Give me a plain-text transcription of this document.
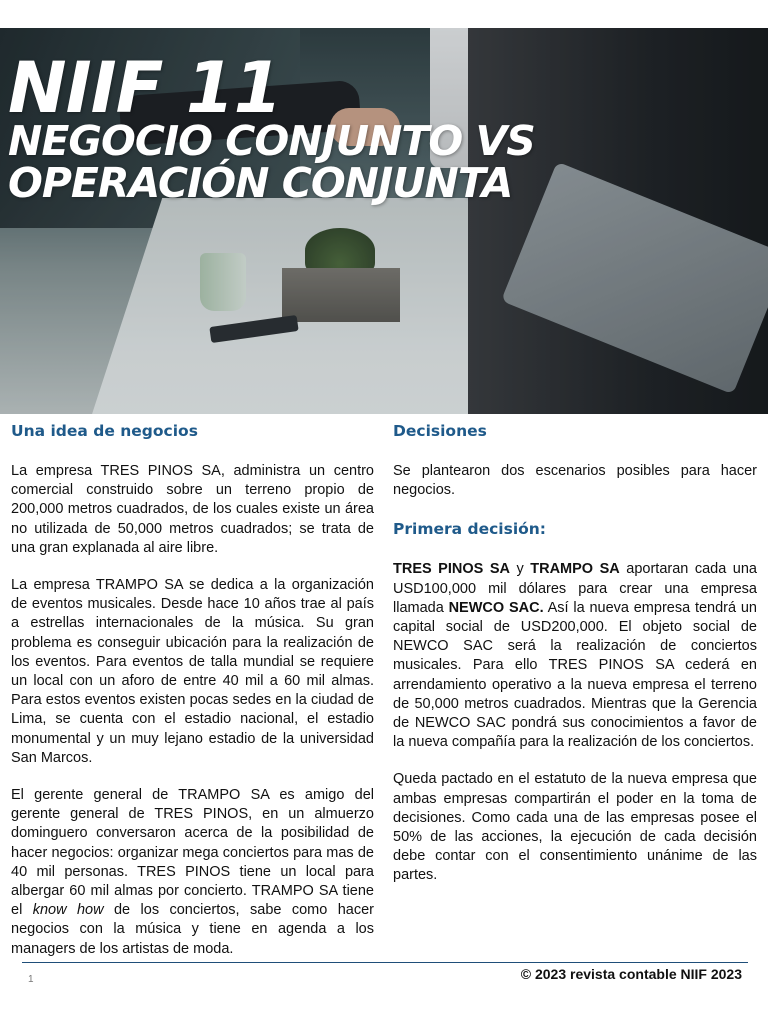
NIIF 11
NEGOCIO CONJUNTO VS
OPERACIÓN CONJUNTA
Una idea de negocios

La empresa TRES PINOS SA, administra un centro comercial construido sobre un terreno propio de 200,000 metros cuadrados, de los cuales existe un área no utilizada de 50,000 metros cuadrados; se trata de una gran explanada al aire libre.

La empresa TRAMPO SA se dedica a la organización de eventos musicales. Desde hace 10 años trae al país a estrellas internacionales de la música. Su gran problema es conseguir ubicación para la realización de los eventos. Para eventos de talla mundial se requiere un local con un aforo de entre 40 mil a 60 mil almas. Para estos eventos existen pocas sedes en la ciudad de Lima, se cuenta con el estadio nacional, el estadio monumental y un muy lejano estadio de la universidad San Marcos.

El gerente general de TRAMPO SA es amigo del gerente general de TRES PINOS, en un almuerzo dominguero conversaron acerca de la posibilidad de hacer negocios: organizar mega conciertos para mas de 40 mil personas. TRES PINOS tiene un local para albergar 60 mil almas por concierto. TRAMPO SA tiene el know how de los conciertos, sabe como hacer negocios con la música y tiene en agenda a los managers de los artistas de moda.

Decisiones

Se plantearon dos escenarios posibles para hacer negocios.

Primera decisión:

TRES PINOS SA y TRAMPO SA aportaran cada una USD100,000 mil dólares para crear una empresa llamada NEWCO SAC. Así la nueva empresa tendrá un capital social de USD200,000. El objeto social de NEWCO SAC será la realización de conciertos musicales. Para ello TRES PINOS SA cederá en arrendamiento operativo a la nueva empresa el terreno de 50,000 metros cuadrados. Mientras que la Gerencia de NEWCO SAC pondrá sus conocimientos a favor de la nueva compañía para la realización de los conciertos.

Queda pactado en el estatuto de la nueva empresa que ambas empresas compartirán el poder en la toma de decisiones. Como cada una de las empresas posee el 50% de las acciones, la ejecución de cada decisión debe contar con el consentimiento unánime de las partes.

1	© 2023 revista contable NIIF 2023
